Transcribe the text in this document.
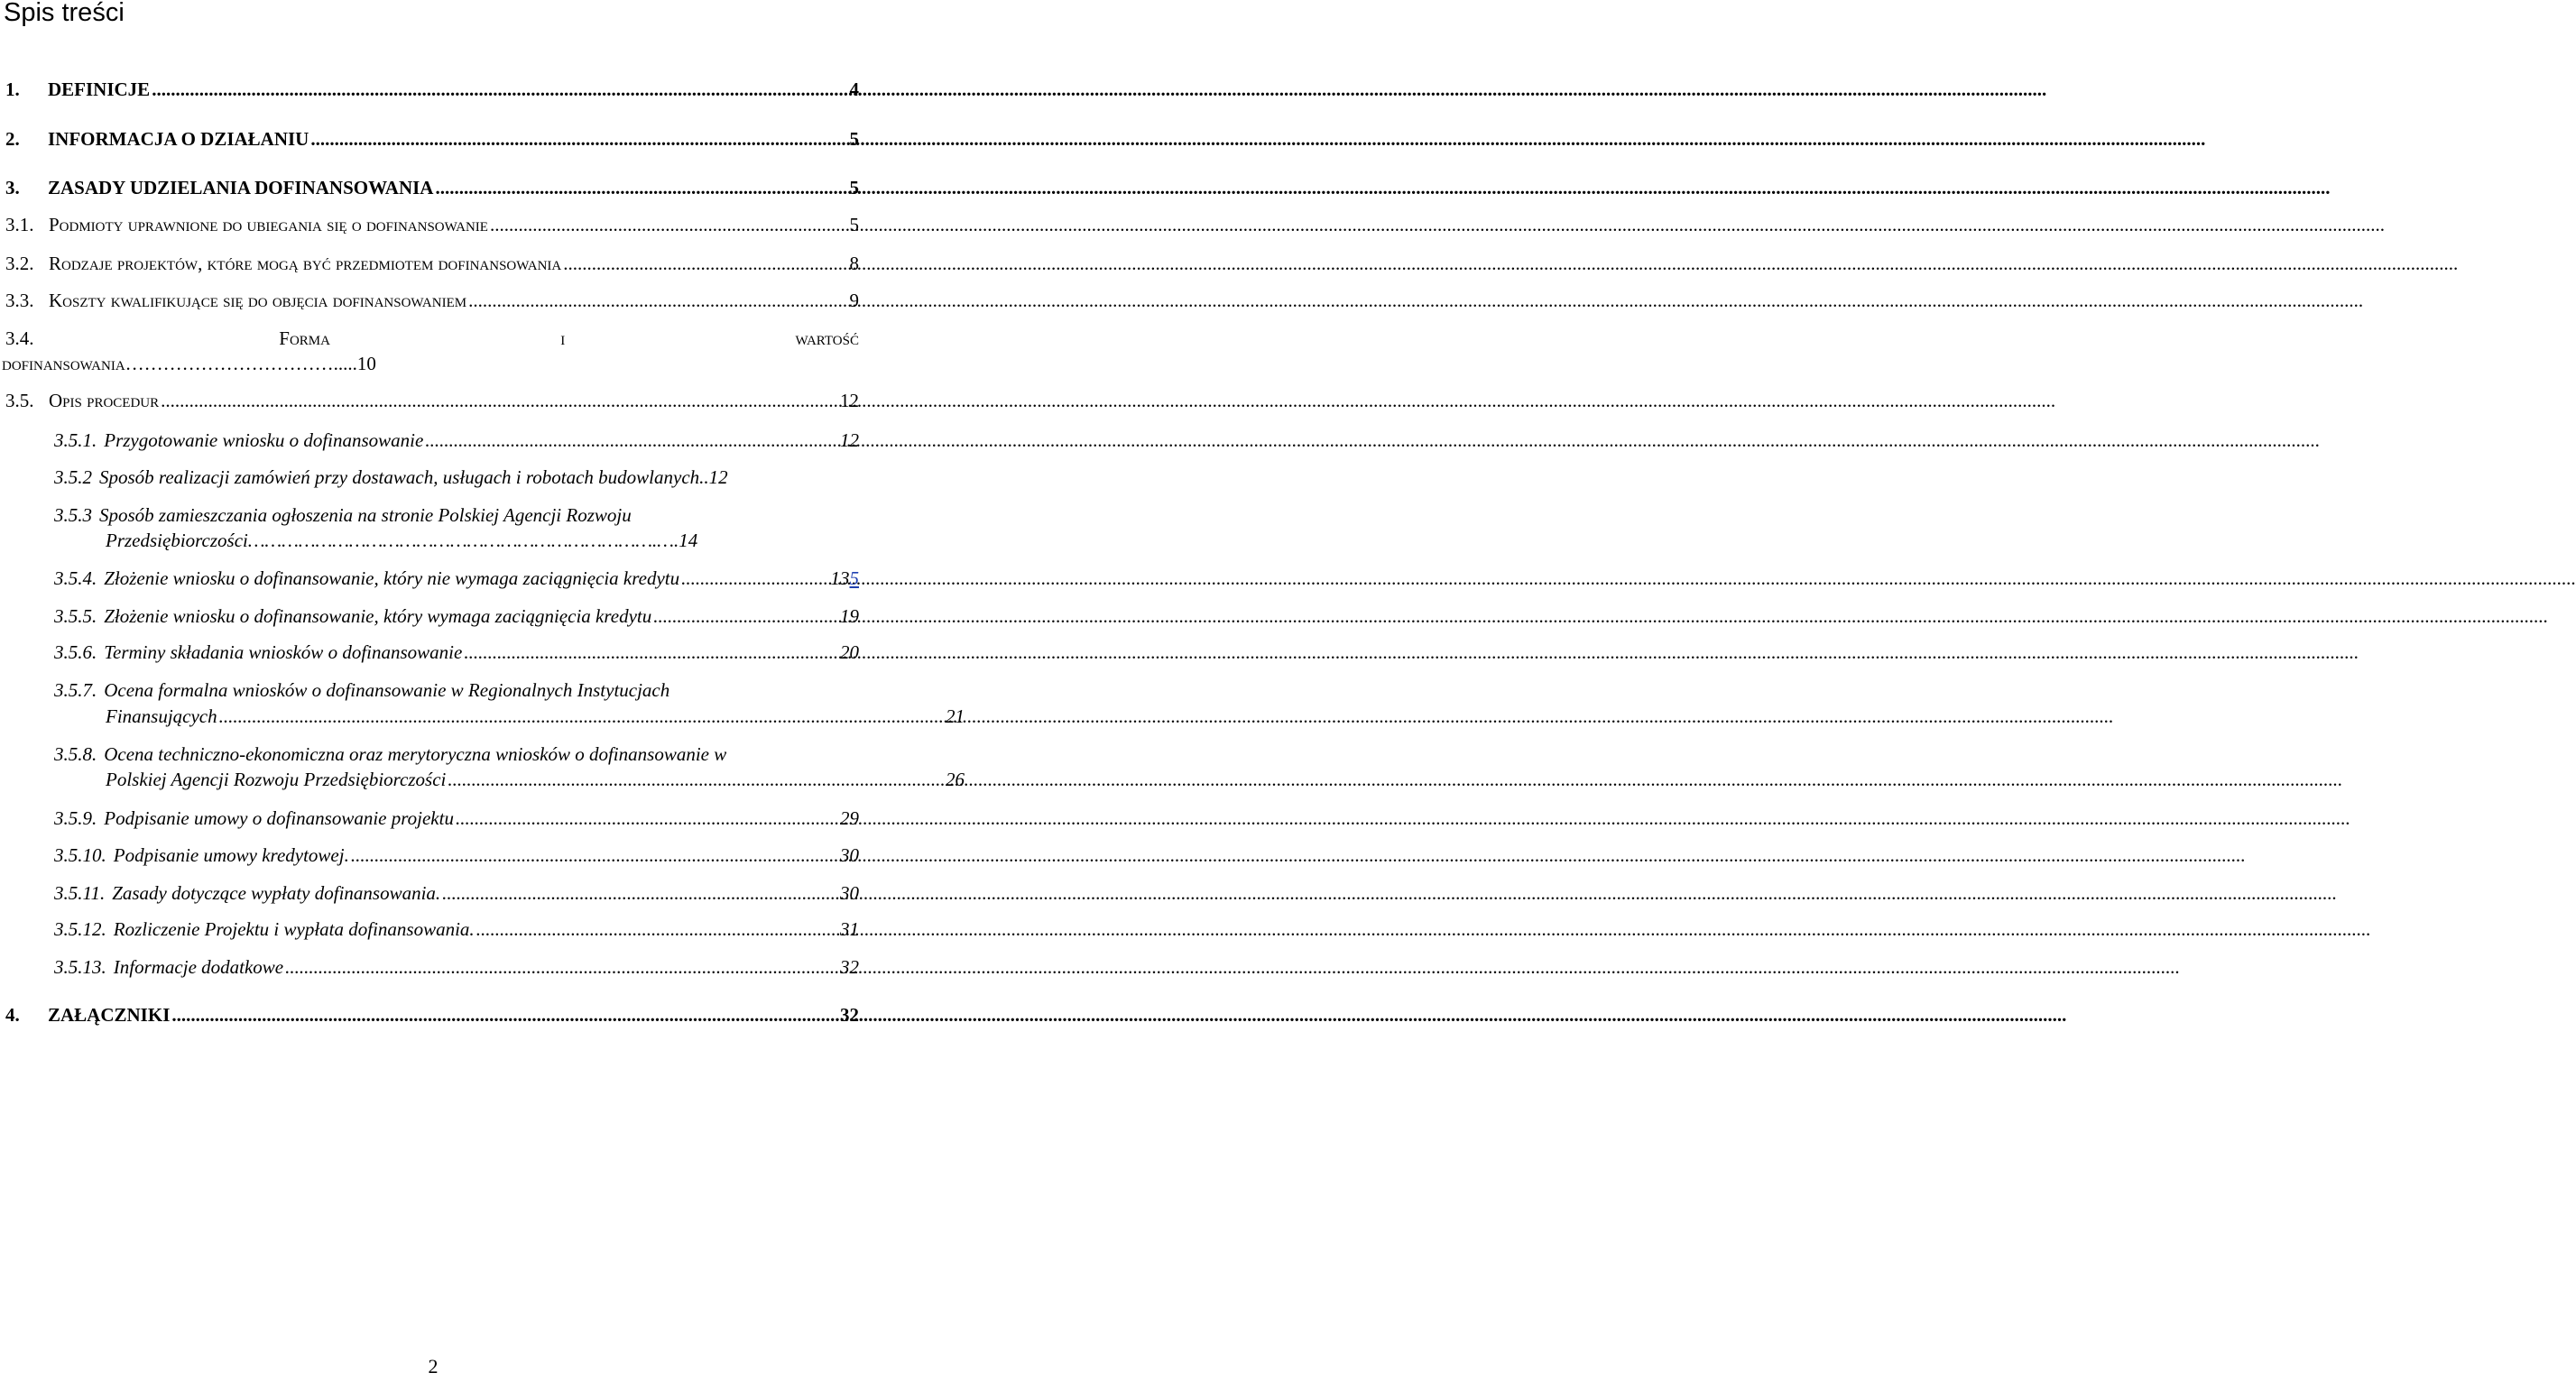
Spis treści
1.	DEFINICJE .....	4
2.	INFORMACJA O DZIAŁANIU .....	5
3.	ZASADY UDZIELANIA DOFINANSOWANIA .....	5
3.1. Podmioty uprawnione do ubiegania się o dofinansowanie .....	5
3.2. Rodzaje projektów, które mogą być przedmiotem dofinansowania .....	8
3.3. Koszty kwalifikujące się do objęcia dofinansowaniem .....	9
3.4.	Forma	i	wartość
dofinansowania ……………………………..... 10
3.5. Opis procedur .....	12
3.5.1. Przygotowanie wniosku o dofinansowanie .....	12
3.5.2 Sposób realizacji zamówień przy dostawach, usługach i robotach budowlanych .. 12
3.5.3 Sposób zamieszczania ogłoszenia na stronie Polskiej Agencji Rozwoju
Przedsiębiorczości ……………………………………………………………….… .14
3.5.4. Złożenie wniosku o dofinansowanie, który nie wymaga zaciągnięcia kredytu .....	135
3.5.5. Złożenie wniosku o dofinansowanie, który wymaga zaciągnięcia kredytu .....	19
3.5.6. Terminy składania wniosków o dofinansowanie .....	20
3.5.7. Ocena formalna wniosków o dofinansowanie w Regionalnych Instytucjach
Finansujących .....	21
3.5.8. Ocena techniczno-ekonomiczna oraz merytoryczna wniosków o dofinansowanie w
Polskiej Agencji Rozwoju Przedsiębiorczości .....	26
3.5.9. Podpisanie umowy o dofinansowanie projektu .....	29
3.5.10. Podpisanie umowy kredytowej. .....	30
3.5.11. Zasady dotyczące wypłaty dofinansowania. .....	30
3.5.12. Rozliczenie Projektu i wypłata dofinansowania. .....	31
3.5.13. Informacje dodatkowe .....	32
4.	ZAŁĄCZNIKI .....	32
2
